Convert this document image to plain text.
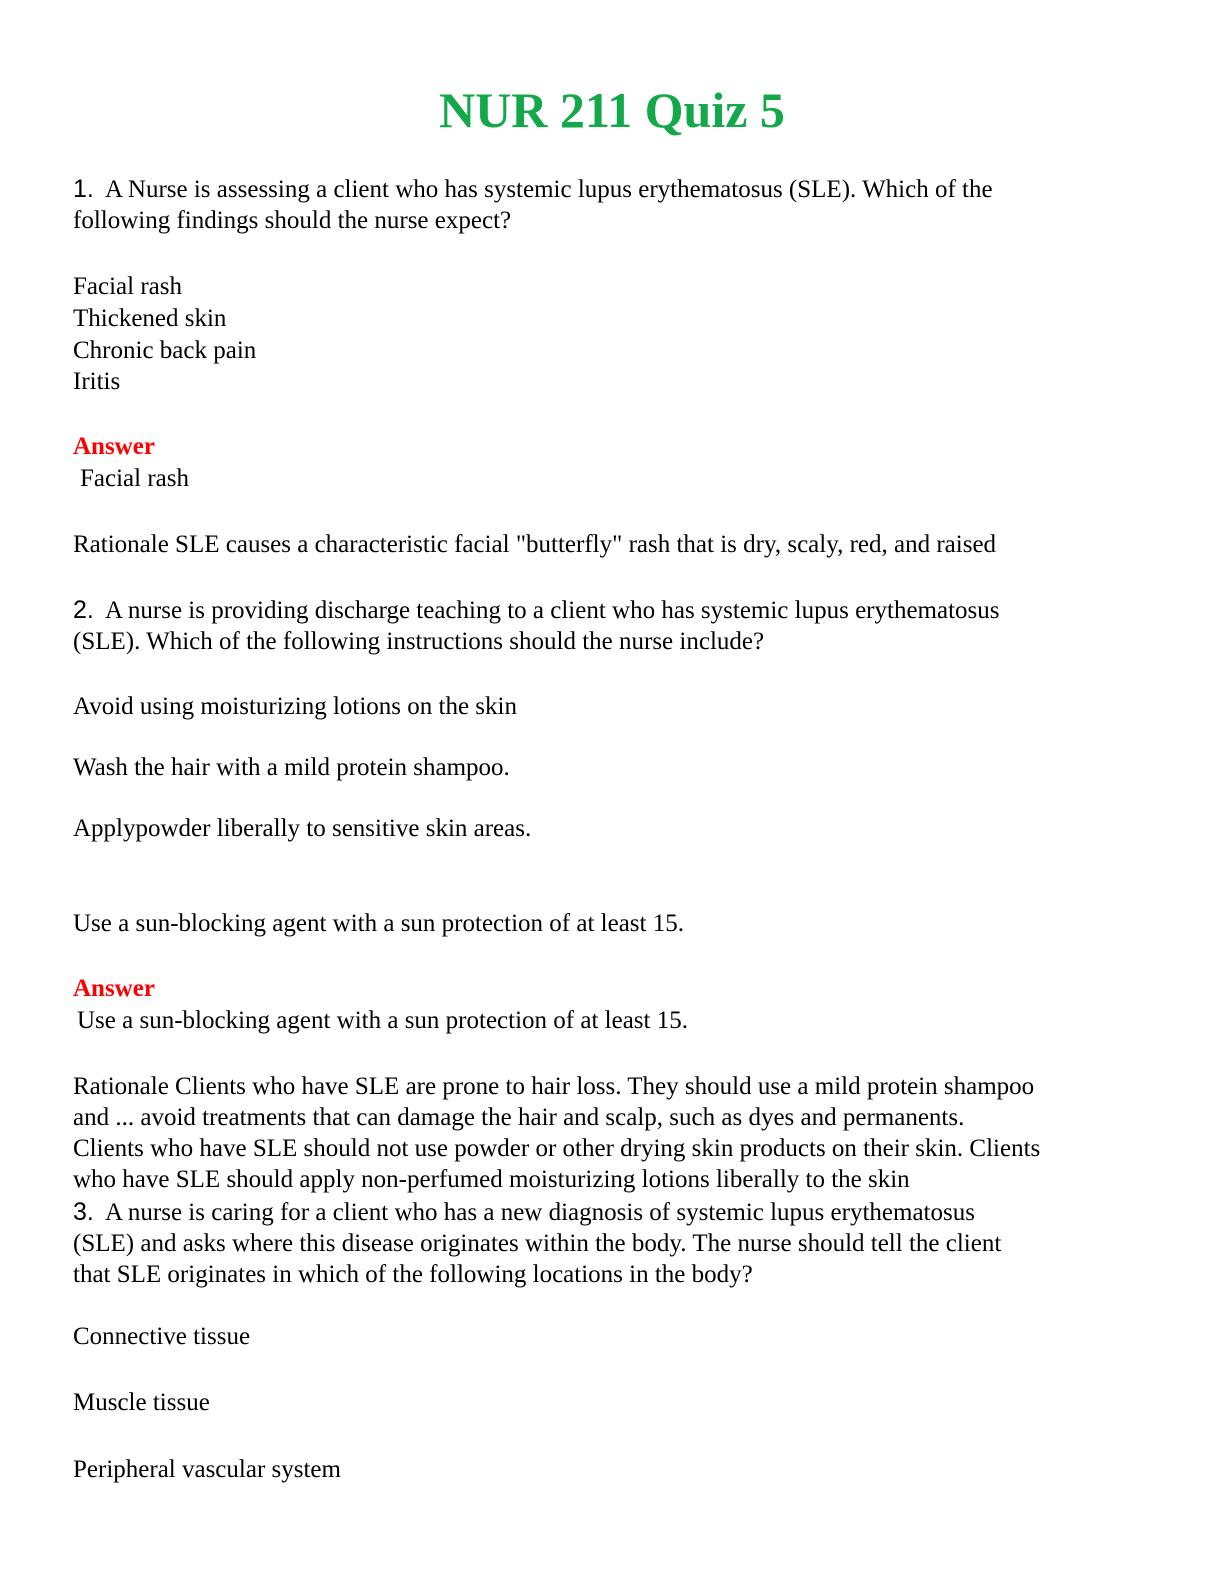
NUR 211 Quiz 5
1. A Nurse is assessing a client who has systemic lupus erythematosus (SLE). Which of the
following findings should the nurse expect?
Facial rash
Thickened skin
Chronic back pain
Iritis
Answer
Facial rash
Rationale SLE causes a characteristic facial "butterfly" rash that is dry, scaly, red, and raised
2. A nurse is providing discharge teaching to a client who has systemic lupus erythematosus
(SLE). Which of the following instructions should the nurse include?
Avoid using moisturizing lotions on the skin
Wash the hair with a mild protein shampoo.
Applypowder liberally to sensitive skin areas.
Use a sun-blocking agent with a sun protection of at least 15.
Answer
Use a sun-blocking agent with a sun protection of at least 15.
Rationale Clients who have SLE are prone to hair loss. They should use a mild protein shampoo
and ... avoid treatments that can damage the hair and scalp, such as dyes and permanents.
Clients who have SLE should not use powder or other drying skin products on their skin. Clients
who have SLE should apply non-perfumed moisturizing lotions liberally to the skin
3. A nurse is caring for a client who has a new diagnosis of systemic lupus erythematosus
(SLE) and asks where this disease originates within the body. The nurse should tell the client
that SLE originates in which of the following locations in the body?
Connective tissue
Muscle tissue
Peripheral vascular system
